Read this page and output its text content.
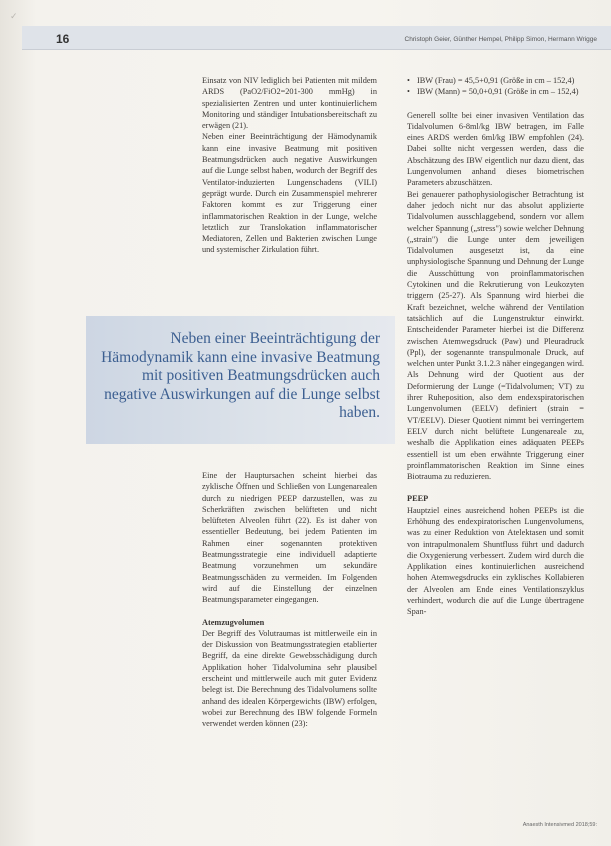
✓
16	Christoph Geier, Günther Hempel, Philipp Simon, Hermann Wrigge

Einsatz von NIV lediglich bei Patienten mit mildem ARDS (PaO2/FiO2=201-300 mmHg) in spezialisierten Zentren und unter kontinuierlichem Monitoring und ständiger Intubationsbereitschaft zu erwägen (21).

Neben einer Beeinträchtigung der Hämodynamik kann eine invasive Beatmung mit positiven Beatmungsdrücken auch negative Auswirkungen auf die Lunge selbst haben, wodurch der Begriff des Ventilator-induzierten Lungenschadens (VILI) geprägt wurde. Durch ein Zusammenspiel mehrerer Faktoren kommt es zur Triggerung einer inflammatorischen Reaktion in der Lunge, welche letztlich zur Translokation inflammatorischer Mediatoren, Zellen und Bakterien zwischen Lunge und systemischer Zirkulation führt.

Neben einer Beeinträchtigung der Hämodynamik kann eine invasive Beatmung mit positiven Beatmungsdrücken auch negative Auswirkungen auf die Lunge selbst haben.

Eine der Hauptursachen scheint hierbei das zyklische Öffnen und Schließen von Lungenarealen durch zu niedrigen PEEP darzustellen, was zu Scherkräften zwischen belüfteten und nicht belüfteten Alveolen führt (22). Es ist daher von essentieller Bedeutung, bei jedem Patienten im Rahmen einer sogenannten protektiven Beatmungsstrategie eine individuell adaptierte Beatmung vorzunehmen um sekundäre Beatmungsschäden zu vermeiden. Im Folgenden wird auf die Einstellung der einzelnen Beatmungsparameter eingegangen.

Atemzugvolumen

Der Begriff des Volutraumas ist mittlerweile ein in der Diskussion von Beatmungsstrategien etablierter Begriff, da eine direkte Gewebsschädigung durch Applikation hoher Tidalvolumina sehr plausibel erscheint und mittlerweile auch mit guter Evidenz belegt ist. Die Berechnung des Tidalvolumens sollte anhand des idealen Körpergewichts (IBW) erfolgen, wobei zur Berechnung des IBW folgende Formeln verwendet werden können (23):

• IBW (Frau) = 45,5+0,91 (Größe in cm – 152,4)
• IBW (Mann) = 50,0+0,91 (Größe in cm – 152,4)

Generell sollte bei einer invasiven Ventilation das Tidalvolumen 6-8ml/kg IBW betragen, im Falle eines ARDS werden 6ml/kg IBW empfohlen (24). Dabei sollte nicht vergessen werden, dass die Abschätzung des IBW eigentlich nur dazu dient, das Lungenvolumen anhand dieses biometrischen Parameters abzuschätzen.

Bei genauerer pathophysiologischer Betrachtung ist daher jedoch nicht nur das absolut applizierte Tidalvolumen ausschlaggebend, sondern vor allem welcher Spannung („stress") sowie welcher Dehnung („strain") die Lunge unter dem jeweiligen Tidalvolumen ausgesetzt ist, da eine unphysiologische Spannung und Dehnung der Lunge die Ausschüttung von proinflammatorischen Cytokinen und die Rekrutierung von Leukozyten triggern (25-27). Als Spannung wird hierbei die Kraft bezeichnet, welche während der Ventilation tatsächlich auf die Lungenstruktur einwirkt. Entscheidender Parameter hierbei ist die Differenz zwischen Atemwegsdruck (Paw) und Pleuradruck (Ppl), der sogenannte transpulmonale Druck, auf welchen unter Punkt 3.1.2.3 näher eingegangen wird. Als Dehnung wird der Quotient aus der Deformierung der Lunge (=Tidalvolumen; VT) zu ihrer Ruheposition, also dem endexspiratorischen Lungenvolumen (EELV) definiert (strain = VT/EELV). Dieser Quotient nimmt bei verringertem EELV durch nicht belüftete Lungenareale zu, weshalb die Applikation eines adäquaten PEEPs essentiell ist um eben erwähnte Triggerung einer proinflammatorischen Reaktion im Sinne eines Biotrauma zu reduzieren.

PEEP

Hauptziel eines ausreichend hohen PEEPs ist die Erhöhung des endexpiratorischen Lungenvolumens, was zu einer Reduktion von Atelektasen und somit von intrapulmonalem Shuntfluss führt und dadurch die Oxygenierung verbessert. Zudem wird durch die Applikation eines kontinuierlichen ausreichend hohen Atemwegsdrucks ein zyklisches Kollabieren der Alveolen am Ende eines Ventilationszyklus verhindert, wodurch die auf die Lunge übertragene Span-

Anaesth Intensivmed 2018;59:
